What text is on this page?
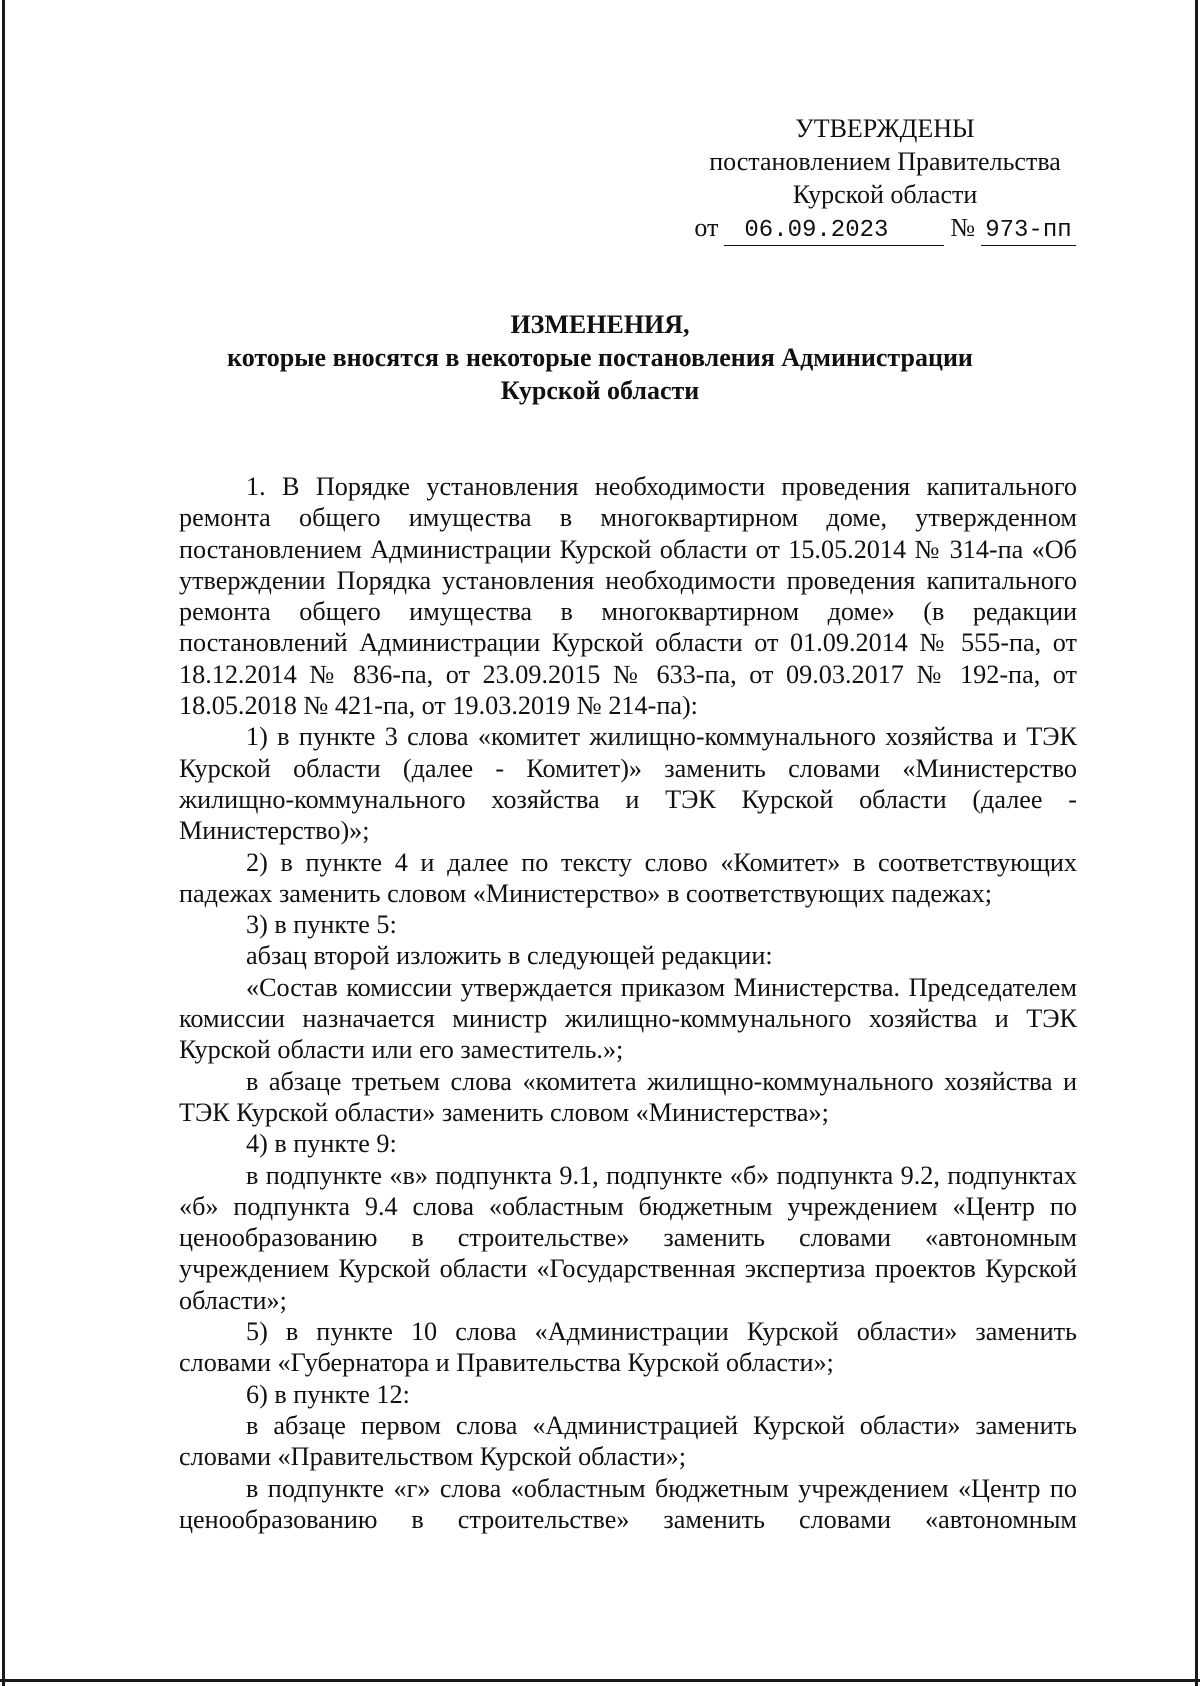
УТВЕРЖДЕНЫ
постановлением Правительства
Курской области
от	06.09.2023	№ 973-пп
ИЗМЕНЕНИЯ,
которые вносятся в некоторые постановления Администрации
Курской области

1. В Порядке установления необходимости проведения капитального ремонта общего имущества в многоквартирном доме, утвержденном постановлением Администрации Курской области от 15.05.2014 № 314-па «Об утверждении Порядка установления необходимости проведения капитального ремонта общего имущества в многоквартирном доме» (в редакции постановлений Администрации Курской области от 01.09.2014 № 555-па, от 18.12.2014 № 836-па, от 23.09.2015 № 633-па, от 09.03.2017 № 192-па, от 18.05.2018 № 421-па, от 19.03.2019 № 214-па):

1) в пункте 3 слова «комитет жилищно-коммунального хозяйства и ТЭК Курской области (далее - Комитет)» заменить словами «Министерство жилищно-коммунального хозяйства и ТЭК Курской области (далее - Министерство)»;

2) в пункте 4 и далее по тексту слово «Комитет» в соответствующих падежах заменить словом «Министерство» в соответствующих падежах;

3) в пункте 5:

абзац второй изложить в следующей редакции:

«Состав комиссии утверждается приказом Министерства. Председателем комиссии назначается министр жилищно-коммунального хозяйства и ТЭК Курской области или его заместитель.»;

в абзаце третьем слова «комитета жилищно-коммунального хозяйства и ТЭК Курской области» заменить словом «Министерства»;

4) в пункте 9:

в подпункте «в» подпункта 9.1, подпункте «б» подпункта 9.2, подпунктах «б» подпункта 9.4 слова «областным бюджетным учреждением «Центр по ценообразованию в строительстве» заменить словами «автономным учреждением Курской области «Государственная экспертиза проектов Курской области»;

5) в пункте 10 слова «Администрации Курской области» заменить словами «Губернатора и Правительства Курской области»;

6) в пункте 12:

в абзаце первом слова «Администрацией Курской области» заменить словами «Правительством Курской области»;

в подпункте «г» слова «областным бюджетным учреждением «Центр по ценообразованию в строительстве» заменить словами «автономным
